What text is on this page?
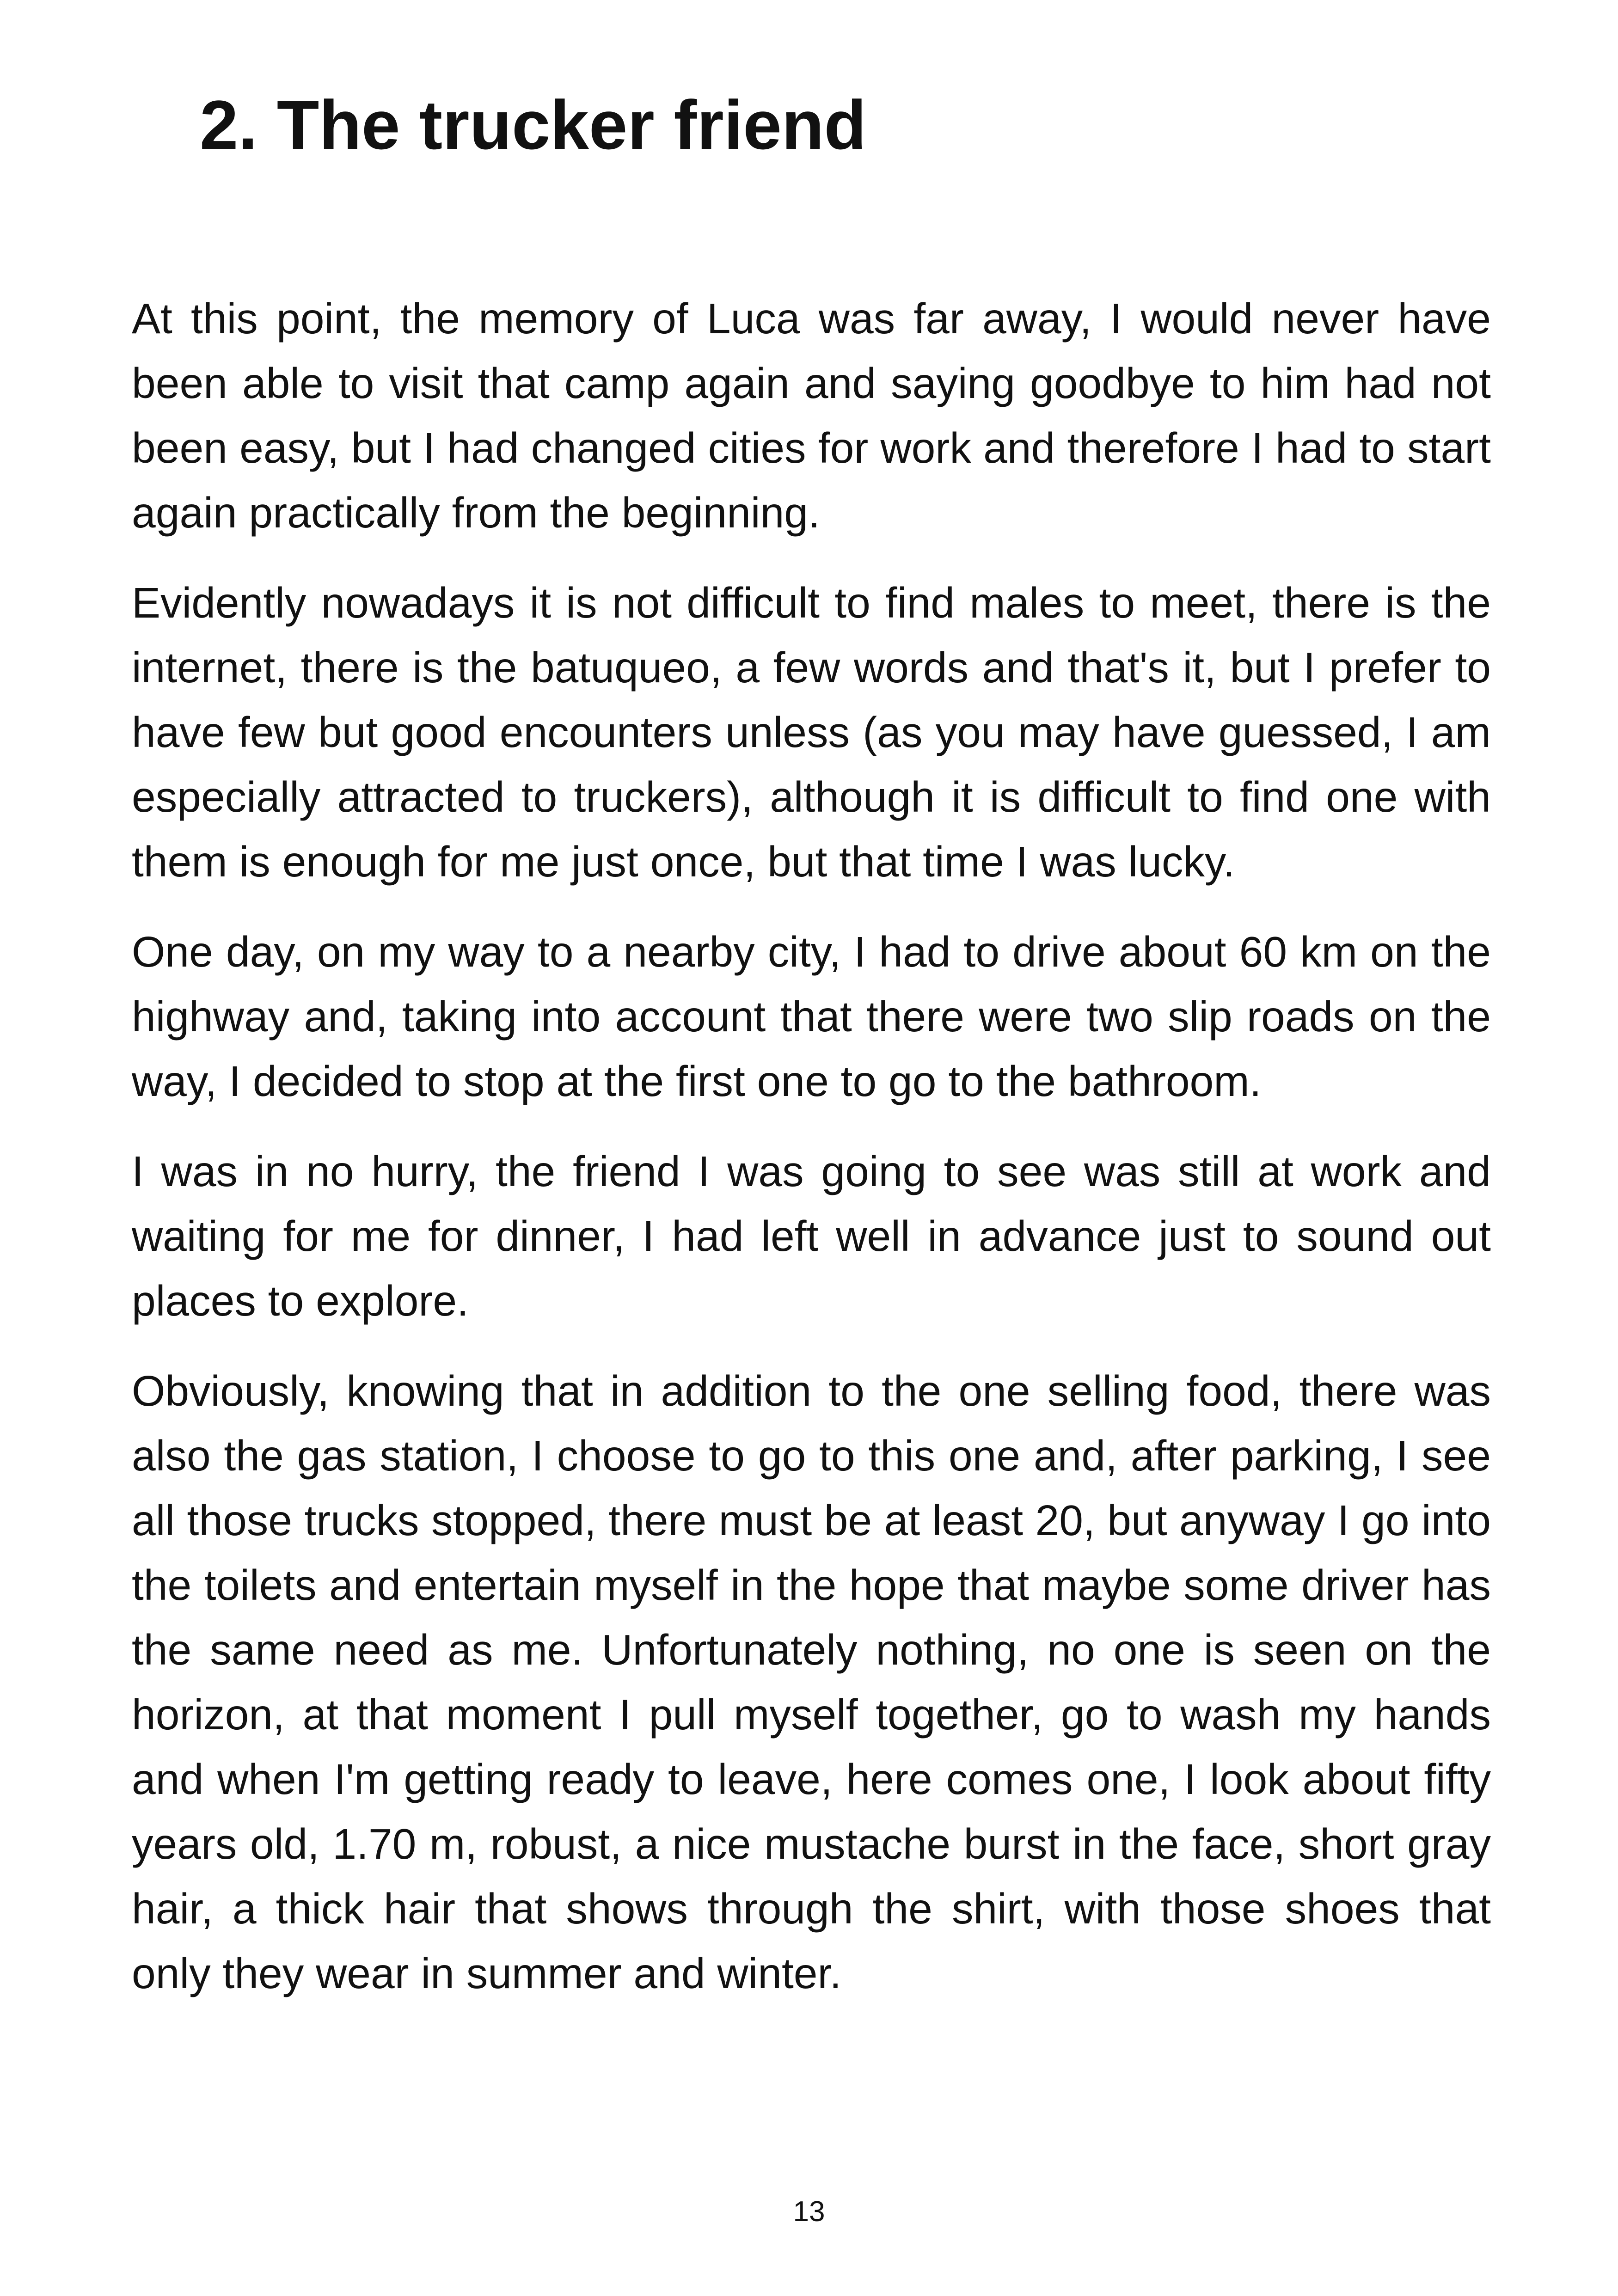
2. The trucker friend

At this point, the memory of Luca was far away, I would never have been able to visit that camp again and saying goodbye to him had not been easy, but I had changed cities for work and therefore I had to start again practically from the beginning.

Evidently nowadays it is not difficult to find males to meet, there is the internet, there is the batuqueo, a few words and that's it, but I prefer to have few but good encounters unless (as you may have guessed, I am especially attracted to truckers), although it is difficult to find one with them is enough for me just once, but that time I was lucky.

One day, on my way to a nearby city, I had to drive about 60 km on the highway and, taking into account that there were two slip roads on the way, I decided to stop at the first one to go to the bathroom.

I was in no hurry, the friend I was going to see was still at work and waiting for me for dinner, I had left well in advance just to sound out places to explore.

Obviously, knowing that in addition to the one selling food, there was also the gas station, I choose to go to this one and, after parking, I see all those trucks stopped, there must be at least 20, but anyway I go into the toilets and entertain myself in the hope that maybe some driver has the same need as me. Unfortunately nothing, no one is seen on the horizon, at that moment I pull myself together, go to wash my hands and when I'm getting ready to leave, here comes one, I look about fifty years old, 1.70 m, robust, a nice mustache burst in the face, short gray hair, a thick hair that shows through the shirt, with those shoes that only they wear in summer and winter.

13
